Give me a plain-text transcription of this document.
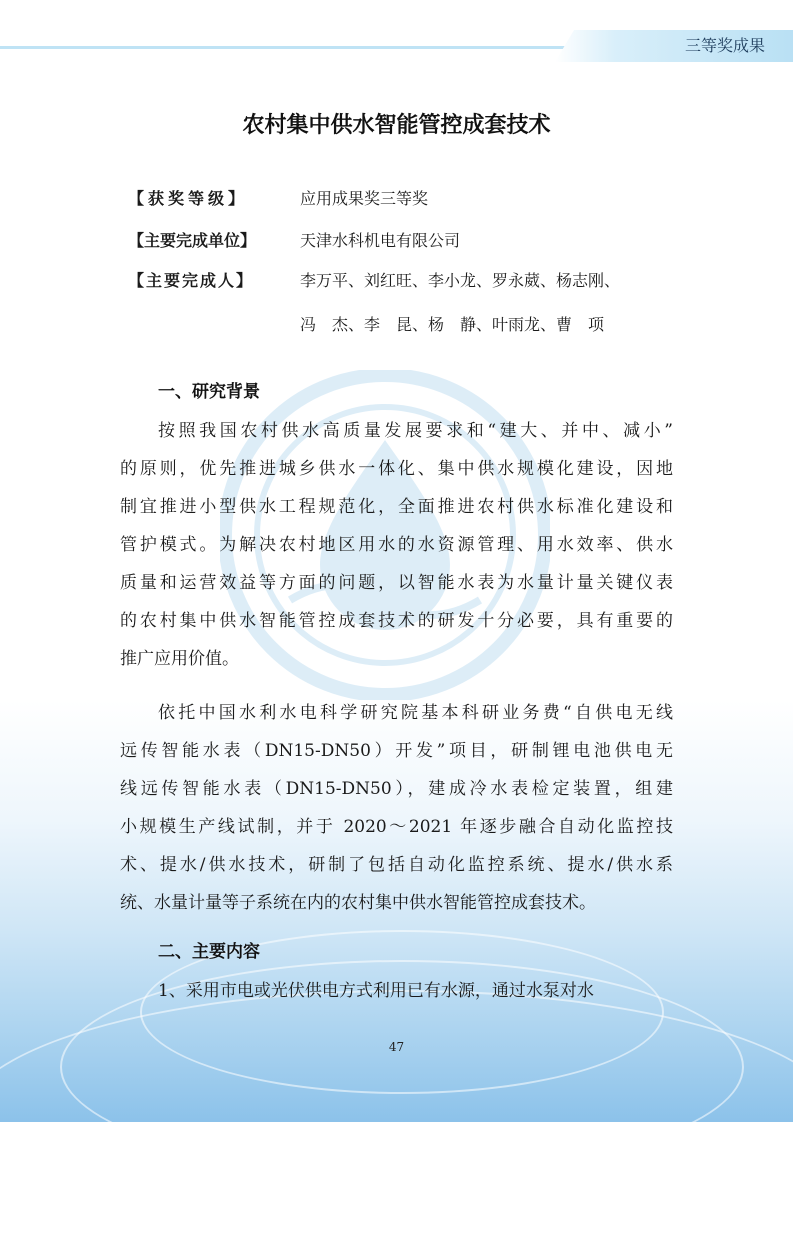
三等奖成果
农村集中供水智能管控成套技术
【获奖等级】	应用成果奖三等奖
【主要完成单位】	天津水科机电有限公司
【主要完成人】	李万平、刘红旺、李小龙、罗永葳、杨志刚、
冯　杰、李　昆、杨　静、叶雨龙、曹　项
一、研究背景
按照我国农村供水高质量发展要求和“建大、并中、减小”
的原则，优先推进城乡供水一体化、集中供水规模化建设，因地
制宜推进小型供水工程规范化，全面推进农村供水标准化建设和
管护模式。为解决农村地区用水的水资源管理、用水效率、供水
质量和运营效益等方面的问题，以智能水表为水量计量关键仪表
的农村集中供水智能管控成套技术的研发十分必要，具有重要的
推广应用价值。
依托中国水利水电科学研究院基本科研业务费“自供电无线
远传智能水表（DN15-DN50）开发”项目，研制锂电池供电无
线远传智能水表（DN15-DN50），建成冷水表检定装置，组建
小规模生产线试制，并于 2020～2021 年逐步融合自动化监控技
术、提水/供水技术，研制了包括自动化监控系统、提水/供水系
统、水量计量等子系统在内的农村集中供水智能管控成套技术。
二、主要内容
1、采用市电或光伏供电方式利用已有水源，通过水泵对水
47
